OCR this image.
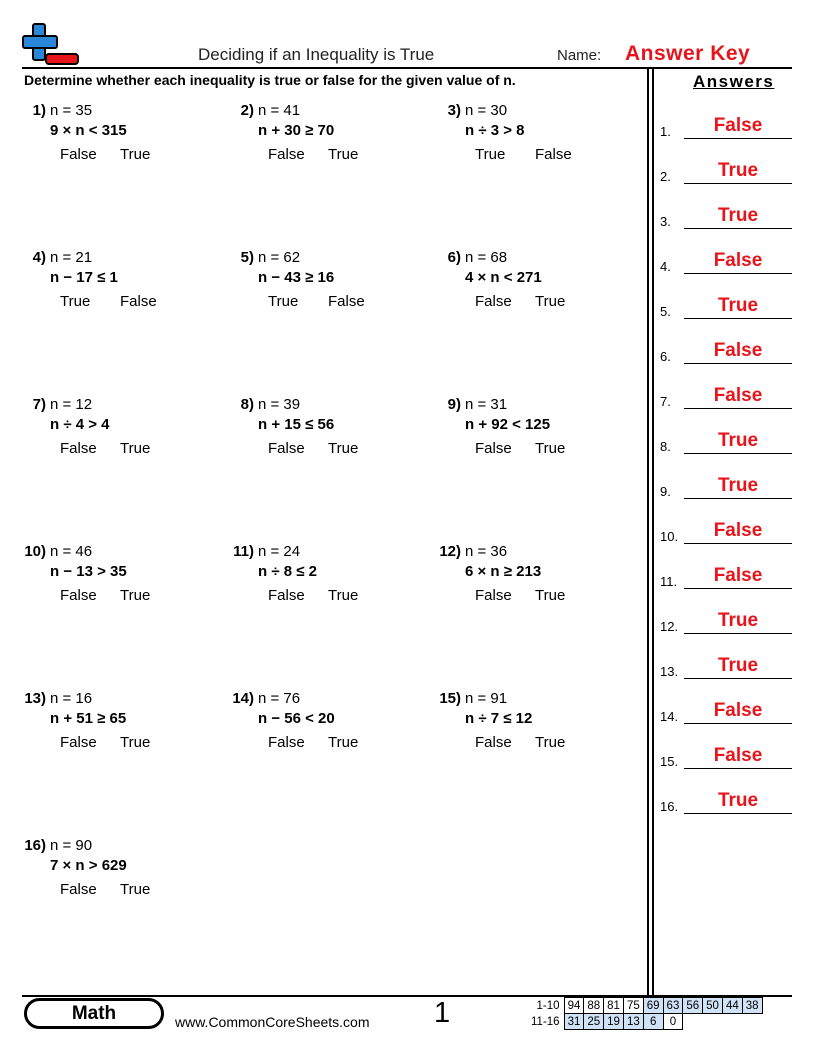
Deciding if an Inequality is True	Name: Answer Key
Determine whether each inequality is true or false for the given value of n.
1) n = 35
9 × n < 315
False True
2) n = 41
n + 30 ≥ 70
False True
3) n = 30
n ÷ 3 > 8
True False
4) n = 21
n − 17 ≤ 1
True False
5) n = 62
n − 43 ≥ 16
True False
6) n = 68
4 × n < 271
False True
7) n = 12
n ÷ 4 > 4
False True
8) n = 39
n + 15 ≤ 56
False True
9) n = 31
n + 92 < 125
False True
10) n = 46
n − 13 > 35
False True
11) n = 24
n ÷ 8 ≤ 2
False True
12) n = 36
6 × n ≥ 213
False True
13) n = 16
n + 51 ≥ 65
False True
14) n = 76
n − 56 < 20
False True
15) n = 91
n ÷ 7 ≤ 12
False True
16) n = 90
7 × n > 629
False True
Answers
1.	False
2.	True
3.	True
4.	False
5.	True
6.	False
7.	False
8.	True
9.	True
10.	False
11.	False
12.	True
13.	True
14.	False
15.	False
16.	True
Math	www.CommonCoreSheets.com 1	1-10	94	88	81	75	69	63	56	50	44	38
11-16	31	25	19	13	6	0				
